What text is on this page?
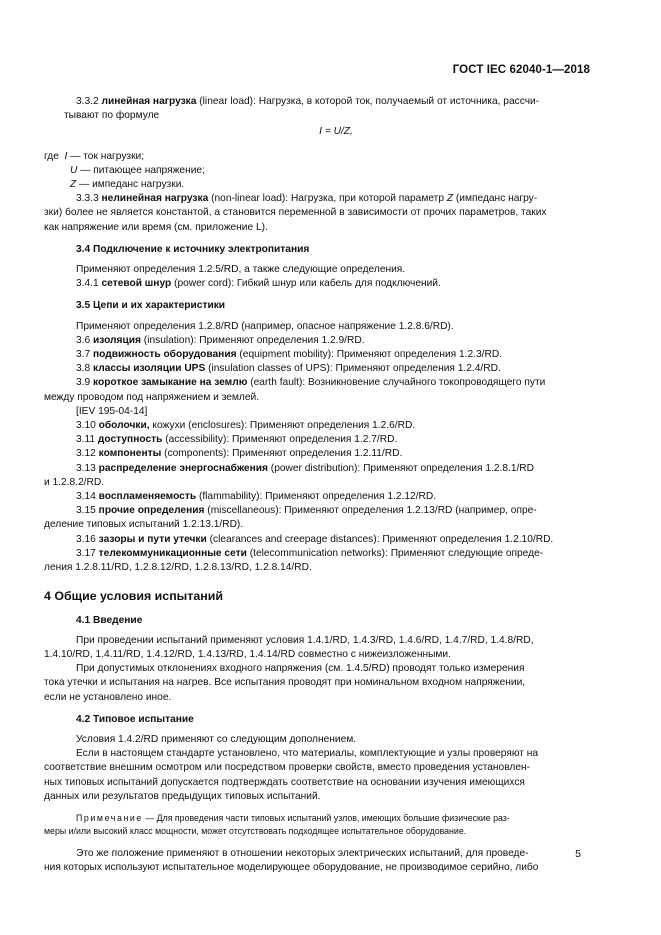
ГОСТ IEC 62040-1—2018

3.3.2 линейная нагрузка (linear load): Нагрузка, в которой ток, получаемый от источника, рассчи-

тывают по формуле

I = U/Z,

где I — ток нагрузки;
U — питающее напряжение;
Z — импеданс нагрузки.

3.3.3 нелинейная нагрузка (non-linear load): Нагрузка, при которой параметр Z (импеданс нагру-

зки) более не является константой, а становится переменной в зависимости от прочих параметров, таких

как напряжение или время (см. приложение L).

3.4 Подключение к источнику электропитания

Применяют определения 1.2.5/RD, а также следующие определения.

3.4.1 сетевой шнур (power cord): Гибкий шнур или кабель для подключений.

3.5 Цепи и их характеристики

Применяют определения 1.2.8/RD (например, опасное напряжение 1.2.8.6/RD).

3.6 изоляция (insulation): Применяют определения 1.2.9/RD.

3.7 подвижность оборудования (equipment mobility): Применяют определения 1.2.3/RD.

3.8 классы изоляции UPS (insulation classes of UPS): Применяют определения 1.2.4/RD.

3.9 короткое замыкание на землю (earth fault): Возникновение случайного токопроводящего пути

между проводом под напряжением и землей.

[IEV 195-04-14]

3.10 оболочки, кожухи (enclosures): Применяют определения 1.2.6/RD.

3.11 доступность (accessibility): Применяют определения 1.2.7/RD.

3.12 компоненты (components): Применяют определения 1.2.11/RD.

3.13 распределение энергоснабжения (power distribution): Применяют определения 1.2.8.1/RD

и 1.2.8.2/RD.

3.14 воспламеняемость (flammability): Применяют определения 1.2.12/RD.

3.15 прочие определения (miscellaneous): Применяют определения 1.2.13/RD (например, опре-

деление типовых испытаний 1.2.13.1/RD).

3.16 зазоры и пути утечки (clearances and creepage distances): Применяют определения 1.2.10/RD.

3.17 телекоммуникационные сети (telecommunication networks): Применяют следующие опреде-

ления 1.2.8.11/RD, 1.2.8.12/RD, 1.2.8.13/RD, 1.2.8.14/RD.

4 Общие условия испытаний
4.1 Введение

При проведении испытаний применяют условия 1.4.1/RD, 1.4.3/RD, 1.4.6/RD, 1.4.7/RD, 1.4.8/RD,

1.4.10/RD, 1.4.11/RD, 1.4.12/RD, 1.4.13/RD, 1.4.14/RD совместно с нижеизложенными.

При допустимых отклонениях входного напряжения (см. 1.4.5/RD) проводят только измерения

тока утечки и испытания на нагрев. Все испытания проводят при номинальном входном напряжении,

если не установлено иное.

4.2 Типовое испытание

Условия 1.4.2/RD применяют со следующим дополнением.

Если в настоящем стандарте установлено, что материалы, комплектующие и узлы проверяют на

соответствие внешним осмотром или посредством проверки свойств, вместо проведения установлен-

ных типовых испытаний допускается подтверждать соответствие на основании изучения имеющихся

данных или результатов предыдущих типовых испытаний.

Примечание — Для проведения части типовых испытаний узлов, имеющих большие физические раз-
меры и/или высокий класс мощности, может отсутствовать подходящее испытательное оборудование.

Это же положение применяют в отношении некоторых электрических испытаний, для проведе-

ния которых используют испытательное моделирующее оборудование, не производимое серийно, либо

5
